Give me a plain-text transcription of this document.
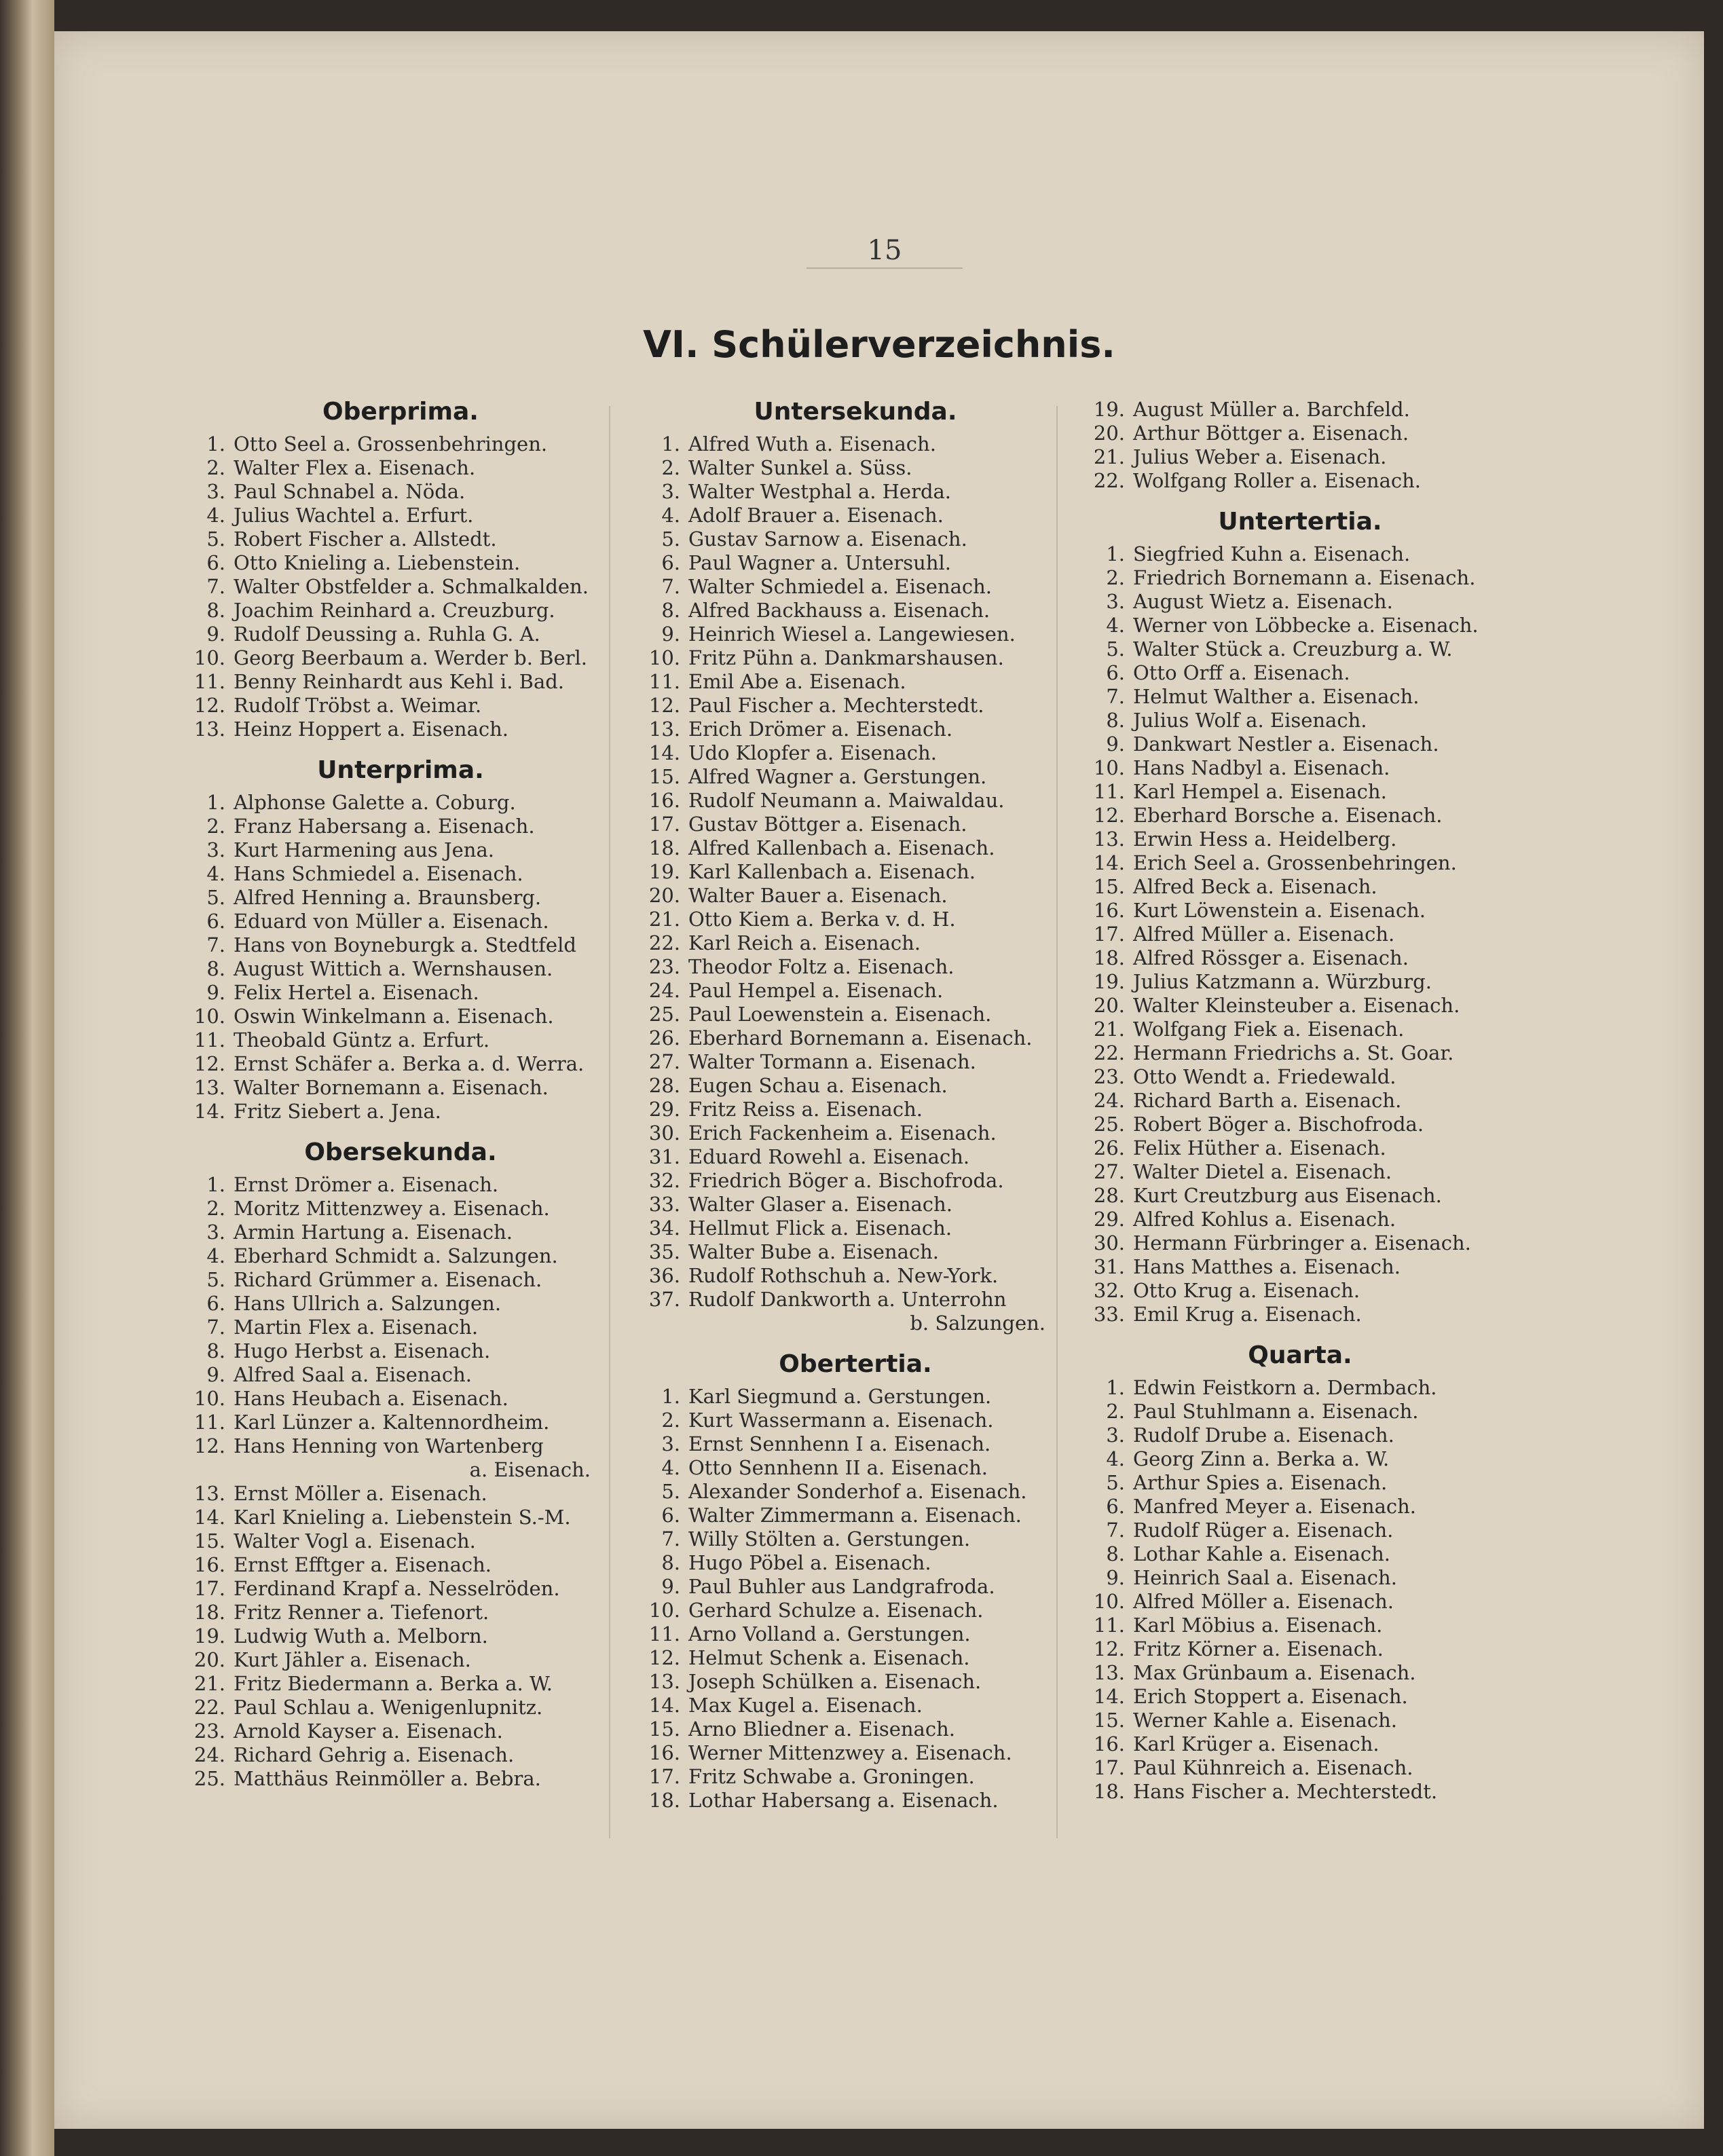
15
VI. Schülerverzeichnis.
Oberprima.
1. Otto Seel a. Grossenbehringen.
2. Walter Flex a. Eisenach.
3. Paul Schnabel a. Nöda.
4. Julius Wachtel a. Erfurt.
5. Robert Fischer a. Allstedt.
6. Otto Knieling a. Liebenstein.
7. Walter Obstfelder a. Schmalkalden.
8. Joachim Reinhard a. Creuzburg.
9. Rudolf Deussing a. Ruhla G. A.
10. Georg Beerbaum a. Werder b. Berl.
11. Benny Reinhardt aus Kehl i. Bad.
12. Rudolf Tröbst a. Weimar.
13. Heinz Hoppert a. Eisenach.
Unterprima.
1. Alphonse Galette a. Coburg.
2. Franz Habersang a. Eisenach.
3. Kurt Harmening aus Jena.
4. Hans Schmiedel a. Eisenach.
5. Alfred Henning a. Braunsberg.
6. Eduard von Müller a. Eisenach.
7. Hans von Boyneburgk a. Stedtfeld
8. August Wittich a. Wernshausen.
9. Felix Hertel a. Eisenach.
10. Oswin Winkelmann a. Eisenach.
11. Theobald Güntz a. Erfurt.
12. Ernst Schäfer a. Berka a. d. Werra.
13. Walter Bornemann a. Eisenach.
14. Fritz Siebert a. Jena.
Obersekunda.
1. Ernst Drömer a. Eisenach.
2. Moritz Mittenzwey a. Eisenach.
3. Armin Hartung a. Eisenach.
4. Eberhard Schmidt a. Salzungen.
5. Richard Grümmer a. Eisenach.
6. Hans Ullrich a. Salzungen.
7. Martin Flex a. Eisenach.
8. Hugo Herbst a. Eisenach.
9. Alfred Saal a. Eisenach.
10. Hans Heubach a. Eisenach.
11. Karl Lünzer a. Kaltennordheim.
12. Hans Henning von Wartenberg
a. Eisenach.
13. Ernst Möller a. Eisenach.
14. Karl Knieling a. Liebenstein S.-M.
15. Walter Vogl a. Eisenach.
16. Ernst Efftger a. Eisenach.
17. Ferdinand Krapf a. Nesselröden.
18. Fritz Renner a. Tiefenort.
19. Ludwig Wuth a. Melborn.
20. Kurt Jähler a. Eisenach.
21. Fritz Biedermann a. Berka a. W.
22. Paul Schlau a. Wenigenlupnitz.
23. Arnold Kayser a. Eisenach.
24. Richard Gehrig a. Eisenach.
25. Matthäus Reinmöller a. Bebra.
Untersekunda.
1. Alfred Wuth a. Eisenach.
2. Walter Sunkel a. Süss.
3. Walter Westphal a. Herda.
4. Adolf Brauer a. Eisenach.
5. Gustav Sarnow a. Eisenach.
6. Paul Wagner a. Untersuhl.
7. Walter Schmiedel a. Eisenach.
8. Alfred Backhauss a. Eisenach.
9. Heinrich Wiesel a. Langewiesen.
10. Fritz Pühn a. Dankmarshausen.
11. Emil Abe a. Eisenach.
12. Paul Fischer a. Mechterstedt.
13. Erich Drömer a. Eisenach.
14. Udo Klopfer a. Eisenach.
15. Alfred Wagner a. Gerstungen.
16. Rudolf Neumann a. Maiwaldau.
17. Gustav Böttger a. Eisenach.
18. Alfred Kallenbach a. Eisenach.
19. Karl Kallenbach a. Eisenach.
20. Walter Bauer a. Eisenach.
21. Otto Kiem a. Berka v. d. H.
22. Karl Reich a. Eisenach.
23. Theodor Foltz a. Eisenach.
24. Paul Hempel a. Eisenach.
25. Paul Loewenstein a. Eisenach.
26. Eberhard Bornemann a. Eisenach.
27. Walter Tormann a. Eisenach.
28. Eugen Schau a. Eisenach.
29. Fritz Reiss a. Eisenach.
30. Erich Fackenheim a. Eisenach.
31. Eduard Rowehl a. Eisenach.
32. Friedrich Böger a. Bischofroda.
33. Walter Glaser a. Eisenach.
34. Hellmut Flick a. Eisenach.
35. Walter Bube a. Eisenach.
36. Rudolf Rothschuh a. New-York.
37. Rudolf Dankworth a. Unterrohn
b. Salzungen.
Obertertia.
1. Karl Siegmund a. Gerstungen.
2. Kurt Wassermann a. Eisenach.
3. Ernst Sennhenn I a. Eisenach.
4. Otto Sennhenn II a. Eisenach.
5. Alexander Sonderhof a. Eisenach.
6. Walter Zimmermann a. Eisenach.
7. Willy Stölten a. Gerstungen.
8. Hugo Pöbel a. Eisenach.
9. Paul Buhler aus Landgrafroda.
10. Gerhard Schulze a. Eisenach.
11. Arno Volland a. Gerstungen.
12. Helmut Schenk a. Eisenach.
13. Joseph Schülken a. Eisenach.
14. Max Kugel a. Eisenach.
15. Arno Bliedner a. Eisenach.
16. Werner Mittenzwey a. Eisenach.
17. Fritz Schwabe a. Groningen.
18. Lothar Habersang a. Eisenach.
19. August Müller a. Barchfeld.
20. Arthur Böttger a. Eisenach.
21. Julius Weber a. Eisenach.
22. Wolfgang Roller a. Eisenach.
Untertertia.
1. Siegfried Kuhn a. Eisenach.
2. Friedrich Bornemann a. Eisenach.
3. August Wietz a. Eisenach.
4. Werner von Löbbecke a. Eisenach.
5. Walter Stück a. Creuzburg a. W.
6. Otto Orff a. Eisenach.
7. Helmut Walther a. Eisenach.
8. Julius Wolf a. Eisenach.
9. Dankwart Nestler a. Eisenach.
10. Hans Nadbyl a. Eisenach.
11. Karl Hempel a. Eisenach.
12. Eberhard Borsche a. Eisenach.
13. Erwin Hess a. Heidelberg.
14. Erich Seel a. Grossenbehringen.
15. Alfred Beck a. Eisenach.
16. Kurt Löwenstein a. Eisenach.
17. Alfred Müller a. Eisenach.
18. Alfred Rössger a. Eisenach.
19. Julius Katzmann a. Würzburg.
20. Walter Kleinsteuber a. Eisenach.
21. Wolfgang Fiek a. Eisenach.
22. Hermann Friedrichs a. St. Goar.
23. Otto Wendt a. Friedewald.
24. Richard Barth a. Eisenach.
25. Robert Böger a. Bischofroda.
26. Felix Hüther a. Eisenach.
27. Walter Dietel a. Eisenach.
28. Kurt Creutzburg aus Eisenach.
29. Alfred Kohlus a. Eisenach.
30. Hermann Fürbringer a. Eisenach.
31. Hans Matthes a. Eisenach.
32. Otto Krug a. Eisenach.
33. Emil Krug a. Eisenach.
Quarta.
1. Edwin Feistkorn a. Dermbach.
2. Paul Stuhlmann a. Eisenach.
3. Rudolf Drube a. Eisenach.
4. Georg Zinn a. Berka a. W.
5. Arthur Spies a. Eisenach.
6. Manfred Meyer a. Eisenach.
7. Rudolf Rüger a. Eisenach.
8. Lothar Kahle a. Eisenach.
9. Heinrich Saal a. Eisenach.
10. Alfred Möller a. Eisenach.
11. Karl Möbius a. Eisenach.
12. Fritz Körner a. Eisenach.
13. Max Grünbaum a. Eisenach.
14. Erich Stoppert a. Eisenach.
15. Werner Kahle a. Eisenach.
16. Karl Krüger a. Eisenach.
17. Paul Kühnreich a. Eisenach.
18. Hans Fischer a. Mechterstedt.
